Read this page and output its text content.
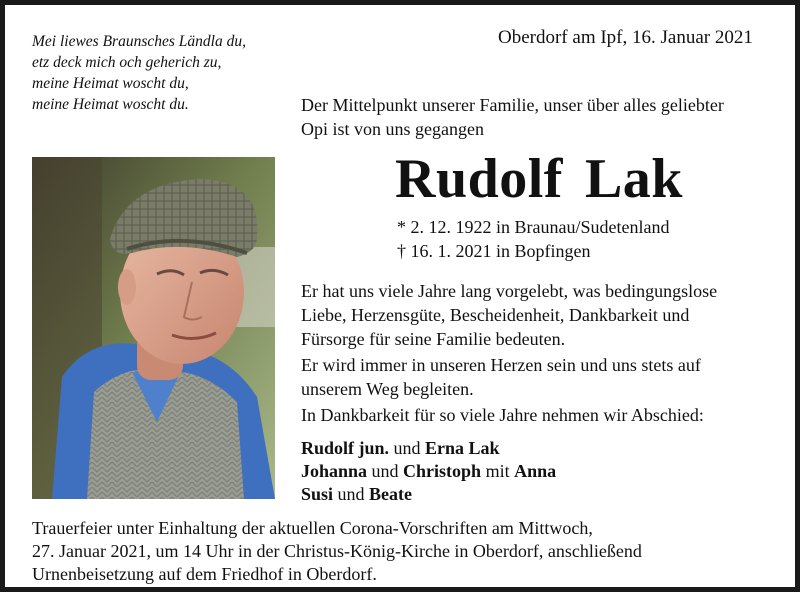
Mei liewes Braunsches Ländla du,
etz deck mich och geherich zu,
meine Heimat woscht du,
meine Heimat woscht du.
Oberdorf am Ipf, 16. Januar 2021
Der Mittelpunkt unserer Familie, unser über alles geliebter
Opi ist von uns gegangen
Rudolf Lak
* 2. 12. 1922 in Braunau/Sudetenland
† 16. 1. 2021 in Bopfingen
Er hat uns viele Jahre lang vorgelebt, was bedingungslose
Liebe, Herzensgüte, Bescheidenheit, Dankbarkeit und
Fürsorge für seine Familie bedeuten.
Er wird immer in unseren Herzen sein und uns stets auf
unserem Weg begleiten.
In Dankbarkeit für so viele Jahre nehmen wir Abschied:
Rudolf jun. und Erna Lak
Johanna und Christoph mit Anna
Susi und Beate
Trauerfeier unter Einhaltung der aktuellen Corona-Vorschriften am Mittwoch,
27. Januar 2021, um 14 Uhr in der Christus-König-Kirche in Oberdorf, anschließend
Urnenbeisetzung auf dem Friedhof in Oberdorf.
